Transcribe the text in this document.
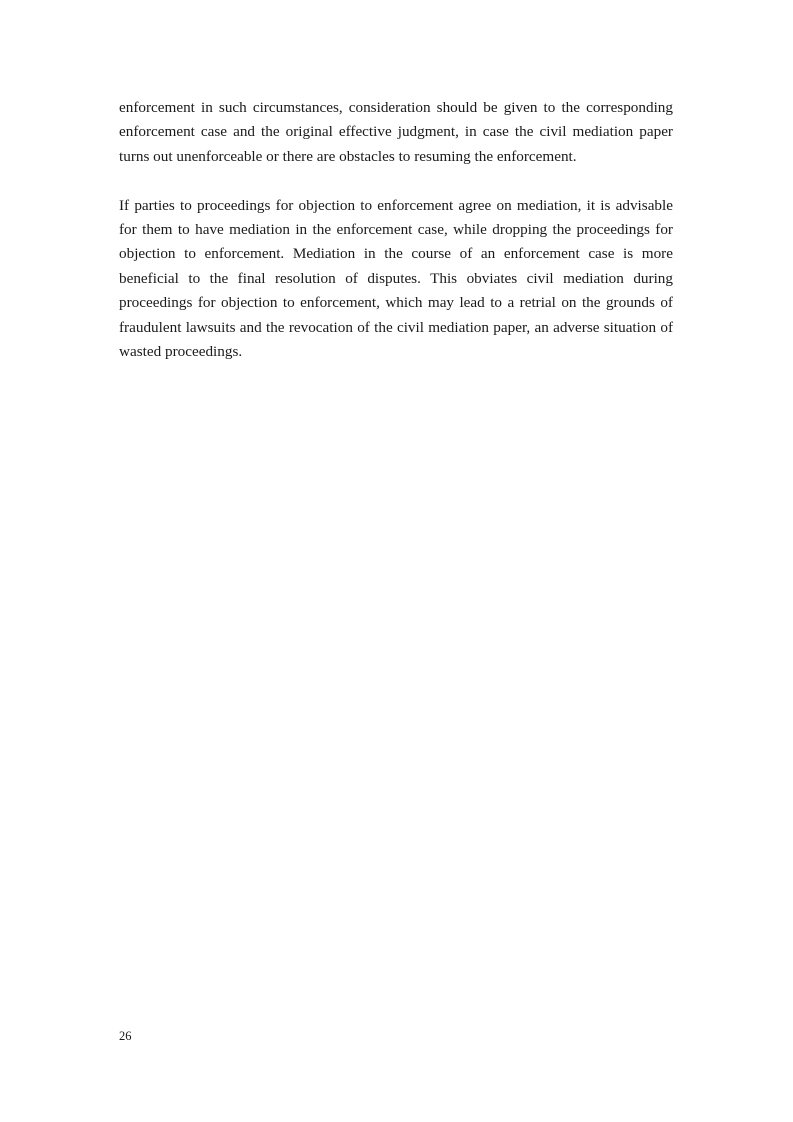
enforcement in such circumstances, consideration should be given to the corresponding enforcement case and the original effective judgment, in case the civil mediation paper turns out unenforceable or there are obstacles to resuming the enforcement.

If parties to proceedings for objection to enforcement agree on mediation, it is advisable for them to have mediation in the enforcement case, while dropping the proceedings for objection to enforcement. Mediation in the course of an enforcement case is more beneficial to the final resolution of disputes. This obviates civil mediation during proceedings for objection to enforcement, which may lead to a retrial on the grounds of fraudulent lawsuits and the revocation of the civil mediation paper, an adverse situation of wasted proceedings.

26
